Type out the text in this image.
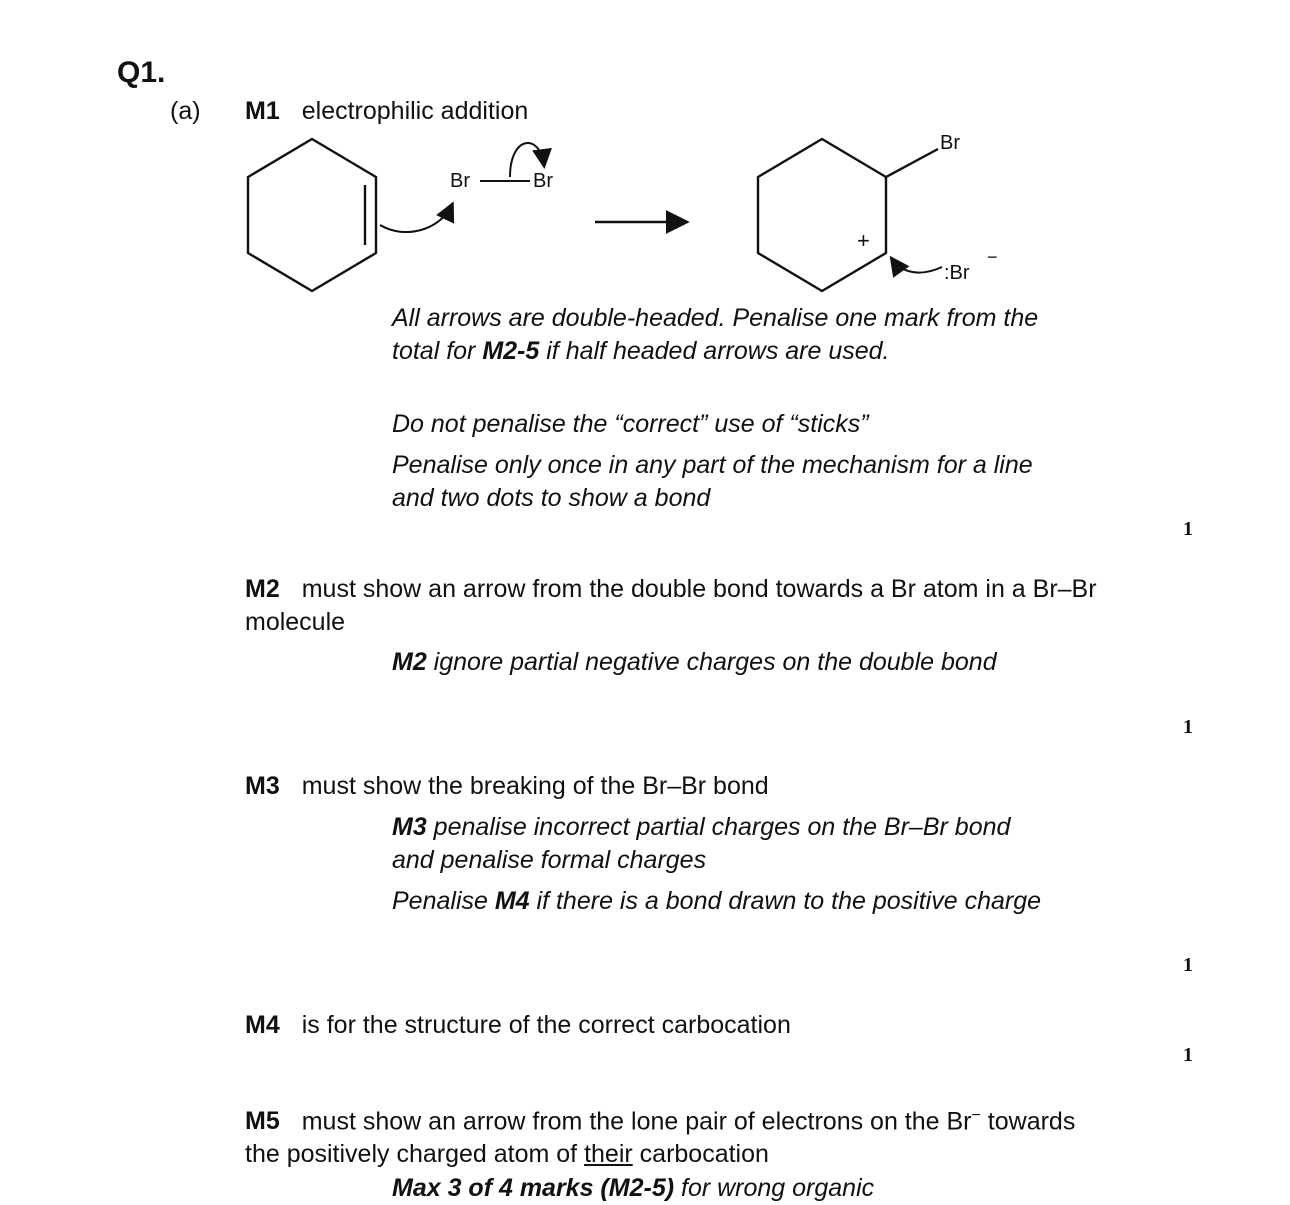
Q1.
(a) M1 electrophilic addition
Br	Br
Br
+
:Br
−
All arrows are double-headed. Penalise one mark from the total for M2-5 if half headed arrows are used.
Do not penalise the “correct” use of “sticks”
Penalise only once in any part of the mechanism for a line and two dots to show a bond
1
M2 must show an arrow from the double bond towards a Br atom in a Br–Br molecule
M2 ignore partial negative charges on the double bond
1
M3 must show the breaking of the Br–Br bond
M3 penalise incorrect partial charges on the Br–Br bond and penalise formal charges
Penalise M4 if there is a bond drawn to the positive charge
1
M4 is for the structure of the correct carbocation
1
M5 must show an arrow from the lone pair of electrons on the Br− towards the positively charged atom of their carbocation
Max 3 of 4 marks (M2-5) for wrong organic
